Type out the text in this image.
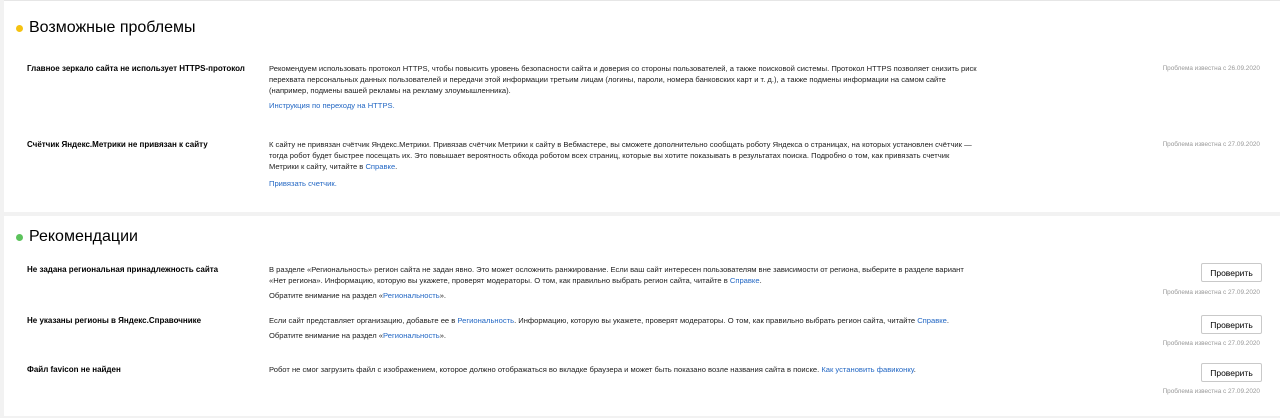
Возможные проблемы
Главное зеркало сайта не использует HTTPS-протокол	Рекомендуем использовать протокол HTTPS, чтобы повысить уровень безопасности сайта и доверия со стороны пользователей, а также поисковой системы. Протокол HTTPS позволяет снизить риск
перехвата персональных данных пользователей и передачи этой информации третьим лицам (логины, пароли, номера банковских карт и т. д.), а также подмены информации на самом сайте
(например, подмены вашей рекламы на рекламу злоумышленника).
Инструкция по переходу на HTTPS.
Проблема известна с 26.09.2020
Счётчик Яндекс.Метрики не привязан к сайту	К сайту не привязан счётчик Яндекс.Метрики. Привязав счётчик Метрики к сайту в Вебмастере, вы сможете дополнительно сообщать роботу Яндекса о страницах, на которых установлен счётчик —
тогда робот будет быстрее посещать их. Это повышает вероятность обхода роботом всех страниц, которые вы хотите показывать в результатах поиска. Подробно о том, как привязать счетчик
Метрики к сайту, читайте в Справке.
Привязать счетчик.
Проблема известна с 27.09.2020
Рекомендации
Не задана региональная принадлежность сайта	В разделе «Региональность» регион сайта не задан явно. Это может осложнить ранжирование. Если ваш сайт интересен пользователям вне зависимости от региона, выберите в разделе вариант
«Нет региона». Информацию, которую вы укажете, проверят модераторы. О том, как правильно выбрать регион сайта, читайте в Справке.
Обратите внимание на раздел «Региональность».
Проверить
Проблема известна с 27.09.2020
Не указаны регионы в Яндекс.Справочнике	Если сайт представляет организацию, добавьте ее в Региональность. Информацию, которую вы укажете, проверят модераторы. О том, как правильно выбрать регион сайта, читайте Справке.
Обратите внимание на раздел «Региональность».
Проверить
Проблема известна с 27.09.2020
Файл favicon не найден	Робот не смог загрузить файл с изображением, которое должно отображаться во вкладке браузера и может быть показано возле названия сайта в поиске. Как установить фавиконку.	Проверить
Проблема известна с 27.09.2020
